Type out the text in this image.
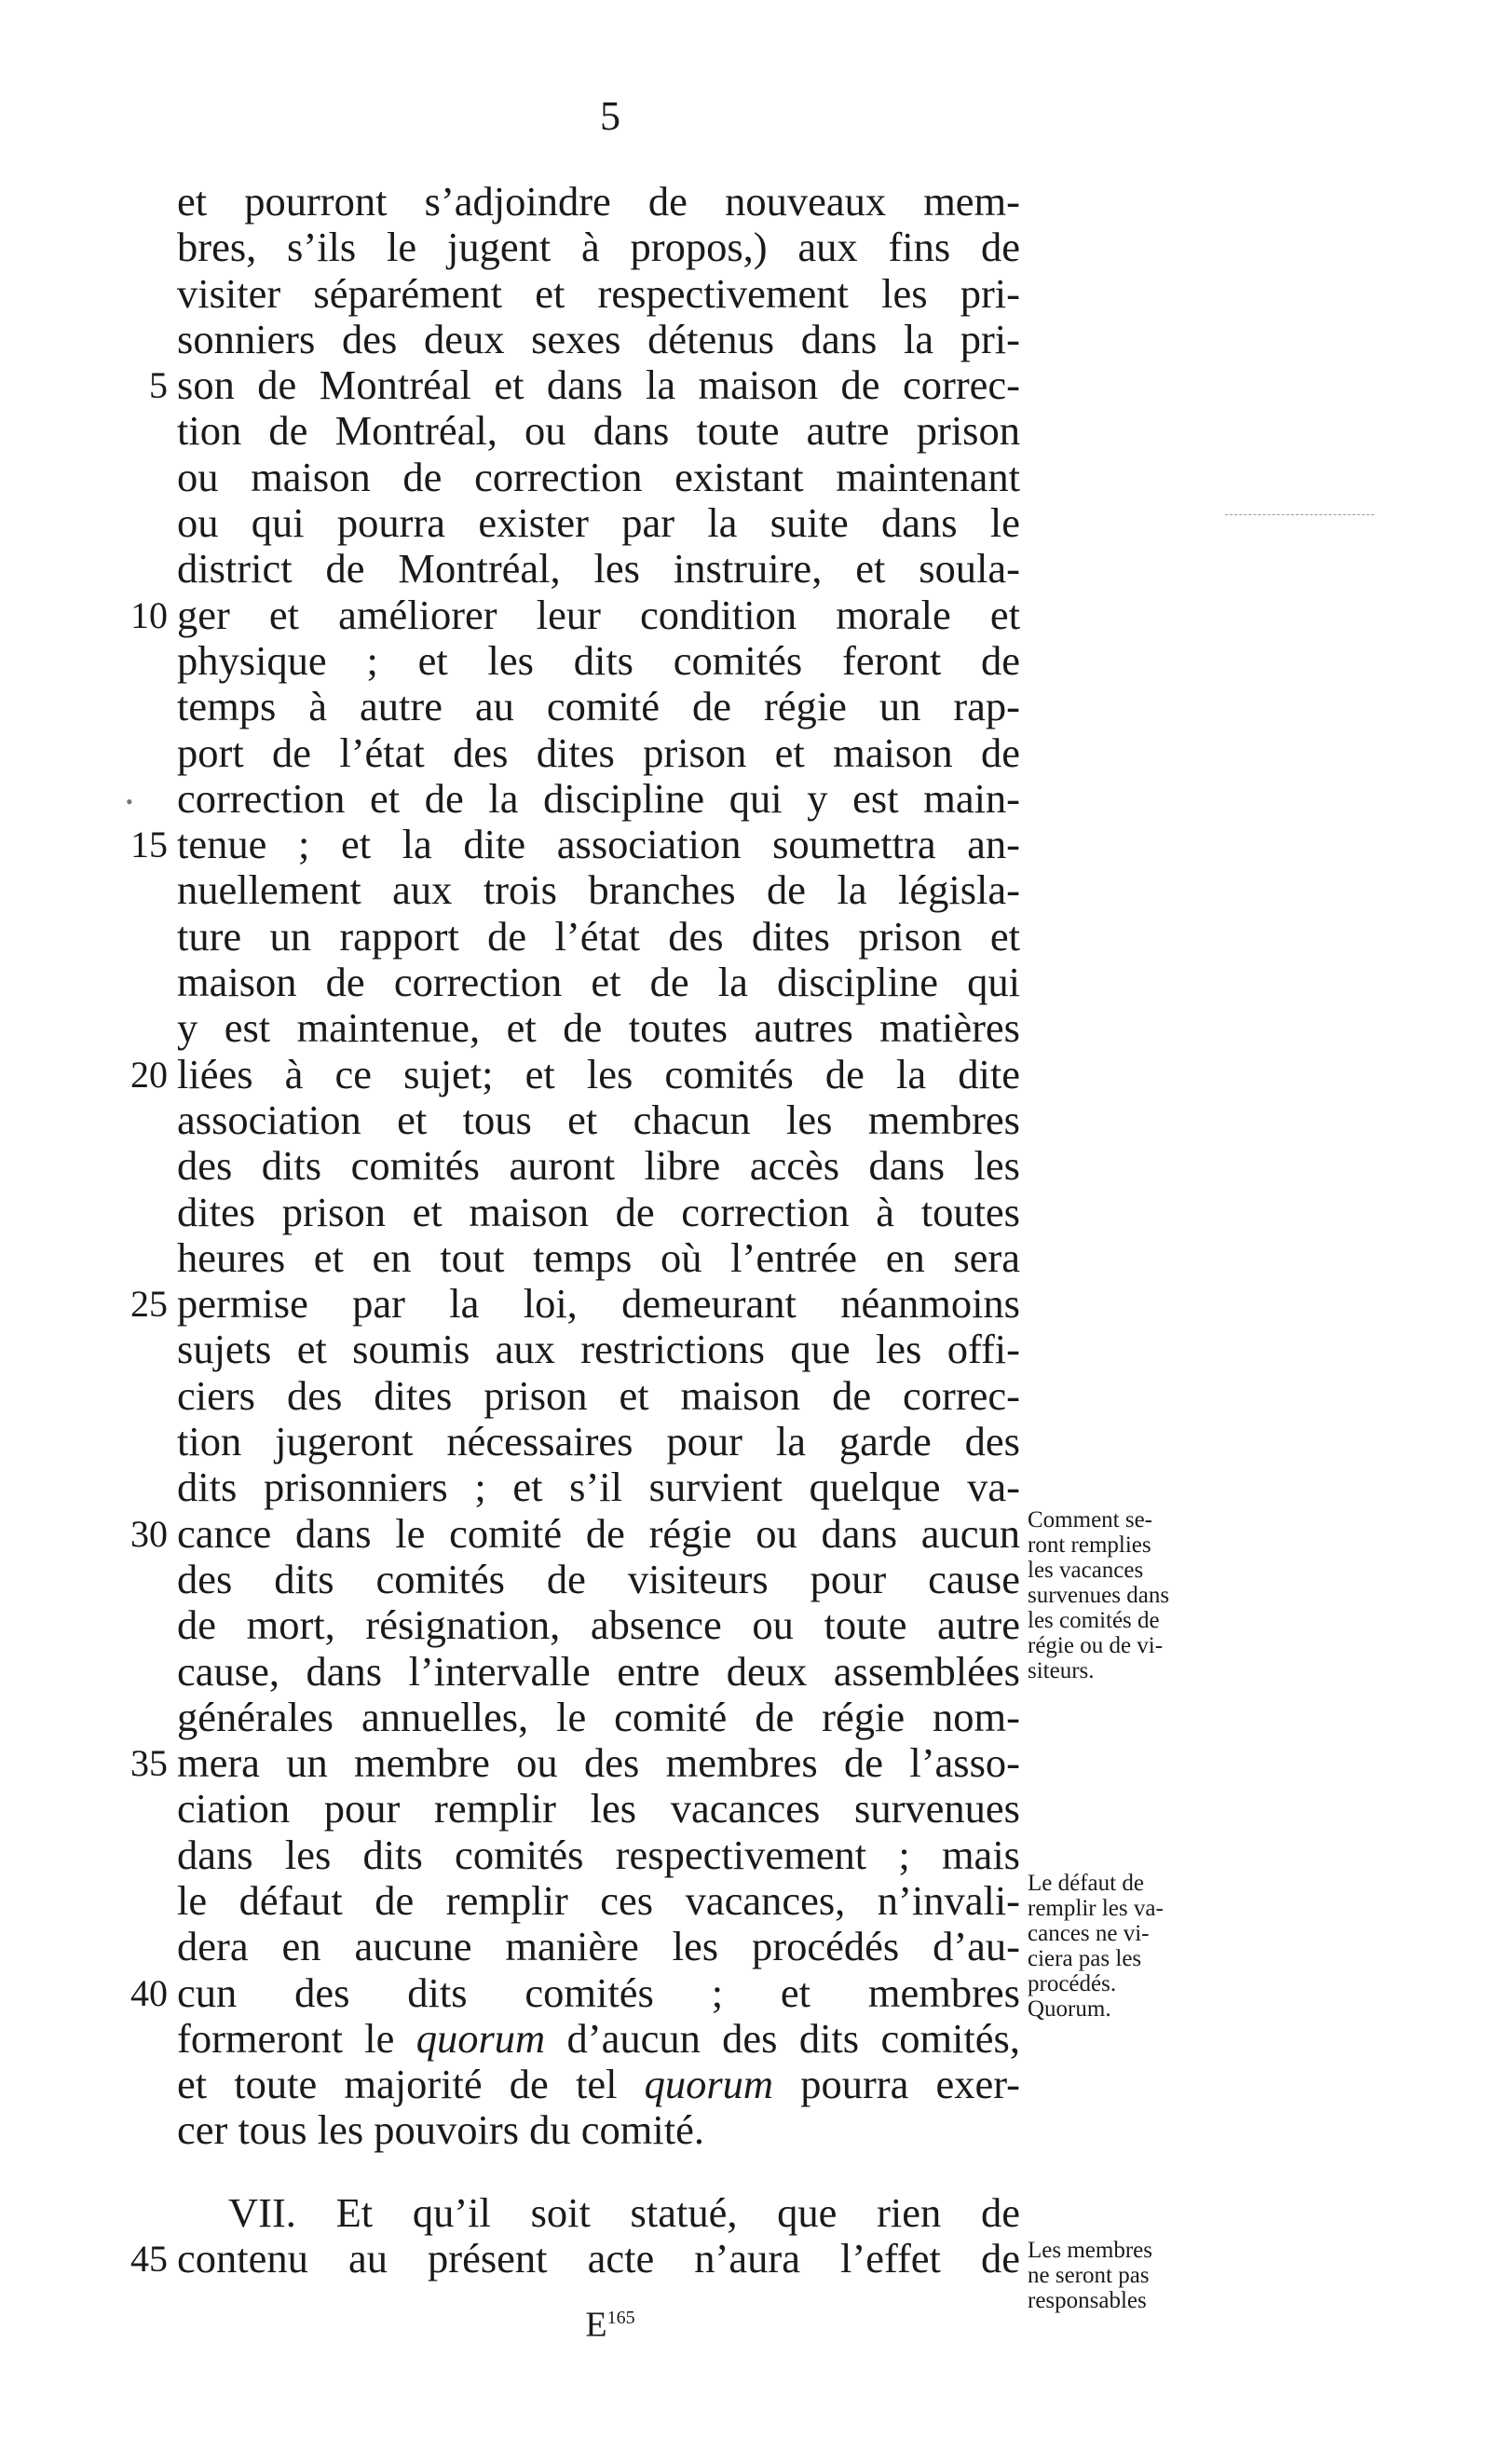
5
et pourront s’adjoindre de nouveaux mem-
bres, s’ils le jugent à propos,) aux fins de
visiter séparément et respectivement les pri-
sonniers des deux sexes détenus dans la pri-
5 son de Montréal et dans la maison de correc-
tion de Montréal, ou dans toute autre prison
ou maison de correction existant maintenant
ou qui pourra exister par la suite dans le
district de Montréal, les instruire, et soula-
10 ger et améliorer leur condition morale et
physique ; et les dits comités feront de
temps à autre au comité de régie un rap-
port de l’état des dites prison et maison de
correction et de la discipline qui y est main-
15 tenue ; et la dite association soumettra an-
nuellement aux trois branches de la législa-
ture un rapport de l’état des dites prison et
maison de correction et de la discipline qui
y est maintenue, et de toutes autres matières
20 liées à ce sujet; et les comités de la dite
association et tous et chacun les membres
des dits comités auront libre accès dans les
dites prison et maison de correction à toutes
heures et en tout temps où l’entrée en sera
25 permise par la loi, demeurant néanmoins
sujets et soumis aux restrictions que les offi-
ciers des dites prison et maison de correc-
tion jugeront nécessaires pour la garde des
dits prisonniers ; et s’il survient quelque va-
30 cance dans le comité de régie ou dans aucun
des dits comités de visiteurs pour cause
de mort, résignation, absence ou toute autre
cause, dans l’intervalle entre deux assemblées
générales annuelles, le comité de régie nom-
35 mera un membre ou des membres de l’asso-
ciation pour remplir les vacances survenues
dans les dits comités respectivement ; mais
le défaut de remplir ces vacances, n’invali-
dera en aucune manière les procédés d’au-
40 cun des dits comités ; et membres
formeront le quorum d’aucun des dits comités,
et toute majorité de tel quorum pourra exer-
cer tous les pouvoirs du comité.
VII. Et qu’il soit statué, que rien de
45 contenu au présent acte n’aura l’effet de
Comment se-
ront remplies
les vacances
survenues dans
les comités de
régie ou de vi-
siteurs.
Le défaut de
remplir les va-
cances ne vi-
ciera pas les
procédés.
Quorum.
Les membres
ne seront pas
responsables
•
$E^{165}$
